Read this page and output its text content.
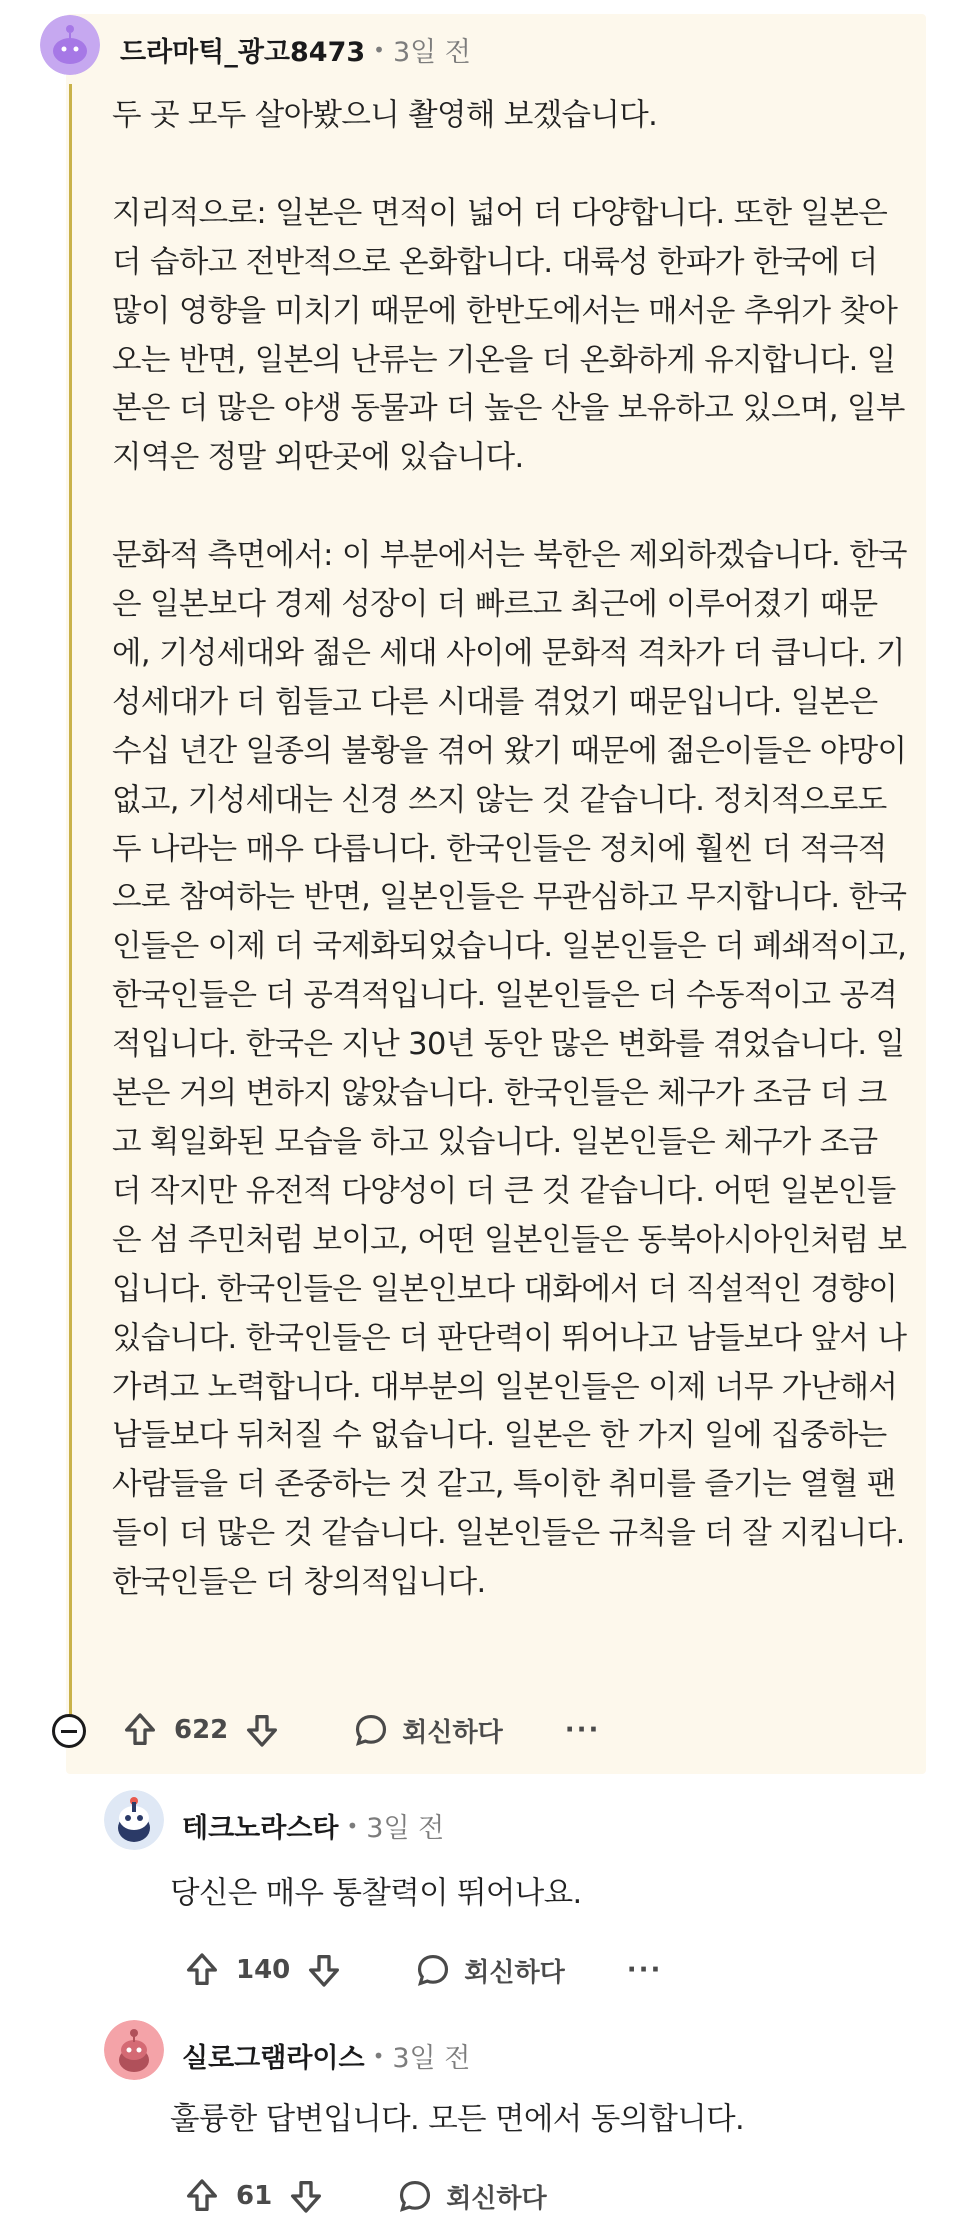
드라마틱_광고8473 • 3일 전

두 곳 모두 살아봤으니 촬영해 보겠습니다.

지리적으로: 일본은 면적이 넓어 더 다양합니다. 또한 일본은 더 습하고 전반적으로 온화합니다. 대륙성 한파가 한국에 더 많이 영향을 미치기 때문에 한반도에서는 매서운 추위가 찾아오는 반면, 일본의 난류는 기온을 더 온화하게 유지합니다. 일본은 더 많은 야생 동물과 더 높은 산을 보유하고 있으며, 일부 지역은 정말 외딴곳에 있습니다.

문화적 측면에서: 이 부분에서는 북한은 제외하겠습니다. 한국은 일본보다 경제 성장이 더 빠르고 최근에 이루어졌기 때문에, 기성세대와 젊은 세대 사이에 문화적 격차가 더 큽니다. 기성세대가 더 힘들고 다른 시대를 겪었기 때문입니다. 일본은 수십 년간 일종의 불황을 겪어 왔기 때문에 젊은이들은 야망이 없고, 기성세대는 신경 쓰지 않는 것 같습니다. 정치적으로도 두 나라는 매우 다릅니다. 한국인들은 정치에 훨씬 더 적극적으로 참여하는 반면, 일본인들은 무관심하고 무지합니다. 한국인들은 이제 더 국제화되었습니다. 일본인들은 더 폐쇄적이고, 한국인들은 더 공격적입니다. 일본인들은 더 수동적이고 공격적입니다. 한국은 지난 30년 동안 많은 변화를 겪었습니다. 일본은 거의 변하지 않았습니다. 한국인들은 체구가 조금 더 크고 획일화된 모습을 하고 있습니다. 일본인들은 체구가 조금 더 작지만 유전적 다양성이 더 큰 것 같습니다. 어떤 일본인들은 섬 주민처럼 보이고, 어떤 일본인들은 동북아시아인처럼 보입니다. 한국인들은 일본인보다 대화에서 더 직설적인 경향이 있습니다. 한국인들은 더 판단력이 뛰어나고 남들보다 앞서 나가려고 노력합니다. 대부분의 일본인들은 이제 너무 가난해서 남들보다 뒤처질 수 없습니다. 일본은 한 가지 일에 집중하는 사람들을 더 존중하는 것 같고, 특이한 취미를 즐기는 열혈 팬들이 더 많은 것 같습니다. 일본인들은 규칙을 더 잘 지킵니다. 한국인들은 더 창의적입니다.

622	회신하다 ···
테크노라스타 • 3일 전

당신은 매우 통찰력이 뛰어나요.

140	회신하다 ···
실로그램라이스 • 3일 전

훌륭한 답변입니다. 모든 면에서 동의합니다.

61	회신하다
